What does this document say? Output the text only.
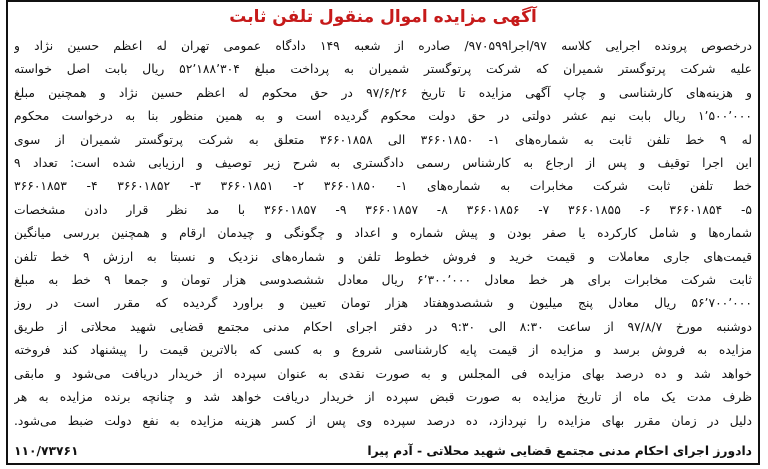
آگهی مزایده اموال منقول تلفن ثابت
درخصوص پرونده اجرایی کلاسه ۹۷/اجرا۹۷۰۵۹۹/ صادره از شعبه ۱۴۹ دادگاه عمومی تهران له اعظم حسین نژاد و
علیه شرکت پرتوگستر شمیران که شرکت پرتوگستر شمیران به پرداخت مبلغ ۵۲٬۱۸۸٬۳۰۴ ریال بابت اصل خواسته
و هزینه‌های کارشناسی و چاپ آگهی مزایده تا تاریخ ۹۷/۶/۲۶ در حق محکوم له اعظم حسین نژاد و همچنین مبلغ
۱٬۵۰۰٬۰۰۰ ریال بابت نیم عشر دولتی در حق دولت محکوم گردیده است و به همین منظور بنا به درخواست محکوم
له ۹ خط تلفن ثابت به شماره‌های ۱- ۳۶۶۰۱۸۵۰ الی ۳۶۶۰۱۸۵۸ متعلق به شرکت پرتوگستر شمیران از سوی
این اجرا توقیف و پس از ارجاع به کارشناس رسمی دادگستری به شرح زیر توصیف و ارزیابی شده است: تعداد ۹
خط تلفن ثابت شرکت مخابرات به شماره‌های ۱- ۳۶۶۰۱۸۵۰ ۲- ۳۶۶۰۱۸۵۱ ۳- ۳۶۶۰۱۸۵۲ ۴- ۳۶۶۰۱۸۵۳
۵- ۳۶۶۰۱۸۵۴ ۶- ۳۶۶۰۱۸۵۵ ۷- ۳۶۶۰۱۸۵۶ ۸- ۳۶۶۰۱۸۵۷ ۹- ۳۶۶۰۱۸۵۷ با مد نظر قرار دادن مشخصات
شماره‌ها و شامل کارکرده یا صفر بودن و پیش شماره و اعداد و چگونگی و چیدمان ارقام و همچنین بررسی میانگین
قیمت‌های جاری معاملات و قیمت خرید و فروش خطوط تلفن و شماره‌های نزدیک و نسبتا به ارزش ۹ خط تلفن
ثابت شرکت مخابرات برای هر خط معادل ۶٬۳۰۰٬۰۰۰ ریال معادل ششصدوسی هزار تومان و جمعا ۹ خط به مبلغ
۵۶٬۷۰۰٬۰۰۰ ریال معادل پنج میلیون و ششصدوهفتاد هزار تومان تعیین و براورد گردیده که مقرر است در روز
دوشنبه مورخ ۹۷/۸/۷ از ساعت ۸:۳۰ الی ۹:۳۰ در دفتر اجرای احکام مدنی مجتمع قضایی شهید محلاتی از طریق
مزایده به فروش برسد و مزایده از قیمت پایه کارشناسی شروع و به کسی که بالاترین قیمت را پیشنهاد کند فروخته
خواهد شد و ده درصد بهای مزایده فی المجلس و به صورت نقدی به عنوان سپرده از خریدار دریافت می‌شود و مابقی
ظرف مدت یک ماه از تاریخ مزایده به صورت قبض سپرده از خریدار دریافت خواهد شد و چنانچه برنده مزایده به هر
دلیل در زمان مقرر بهای مزایده را نپردازد، ده درصد سپرده وی پس از کسر هزینه مزایده به نفع دولت ضبط می‌شود.
دادورز اجرای احکام مدنی مجتمع قضایی شهید محلاتی - آدم پیرا
۱۱۰/۷۳۷۶۱
